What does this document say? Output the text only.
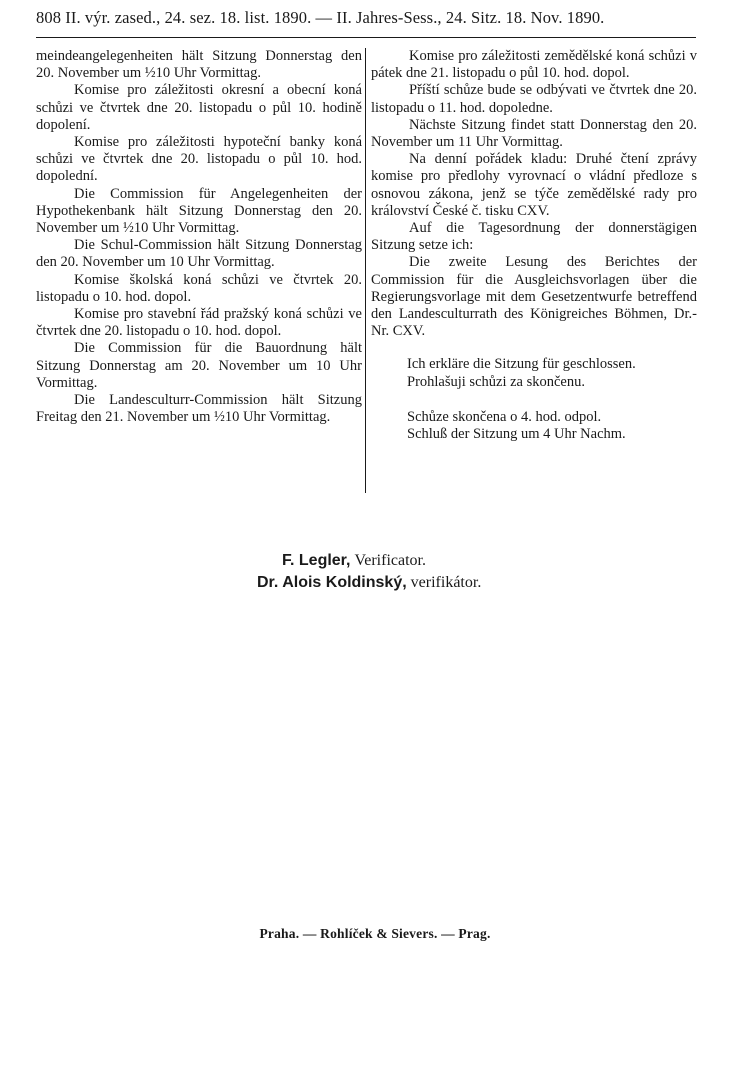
808 II. výr. zased., 24. sez. 18. list. 1890. — II. Jahres-Sess., 24. Sitz. 18. Nov. 1890.

meindeangelegenheiten hält Sitzung Donnerstag den 20. November um ½10 Uhr Vormittag.

Komise pro záležitosti okresní a obecní koná schůzi ve čtvrtek dne 20. listopadu o půl 10. hodině dopolení.

Komise pro záležitosti hypoteční banky koná schůzi ve čtvrtek dne 20. listopadu o půl 10. hod. dopolední.

Die Commission für Angelegenheiten der Hypothekenbank hält Sitzung Donnerstag den 20. November um ½10 Uhr Vormittag.

Die Schul-Commission hält Sitzung Donnerstag den 20. November um 10 Uhr Vormittag.

Komise školská koná schůzi ve čtvrtek 20. listopadu o 10. hod. dopol.

Komise pro stavební řád pražský koná schůzi ve čtvrtek dne 20. listopadu o 10. hod. dopol.

Die Commission für die Bauordnung hält Sitzung Donnerstag am 20. November um 10 Uhr Vormittag.

Die Landesculturr-Commission hält Sitzung Freitag den 21. November um ½10 Uhr Vormittag.

Komise pro záležitosti zemědělské koná schůzi v pátek dne 21. listopadu o půl 10. hod. dopol.

Příští schůze bude se odbývati ve čtvrtek dne 20. listopadu o 11. hod. dopoledne.

Nächste Sitzung findet statt Donnerstag den 20. November um 11 Uhr Vormittag.

Na denní pořádek kladu: Druhé čtení zprávy komise pro předlohy vyrovnací o vládní předloze s osnovou zákona, jenž se týče zemědělské rady pro království České č. tisku CXV.

Auf die Tagesordnung der donnerstägigen Sitzung setze ich:

Die zweite Lesung des Berichtes der Commission für die Ausgleichsvorlagen über die Regierungsvorlage mit dem Gesetzentwurfe betreffend den Landesculturrath des Königreiches Böhmen, Dr.-Nr. CXV.

Ich erkläre die Sitzung für geschlossen.

Prohlašuji schůzi za skončenu.

Schůze skončena o 4. hod. odpol.

Schluß der Sitzung um 4 Uhr Nachm.

F. Legler, Verificator.
Dr. Alois Koldinský, verifikátor.
Praha. — Rohlíček & Sievers. — Prag.
